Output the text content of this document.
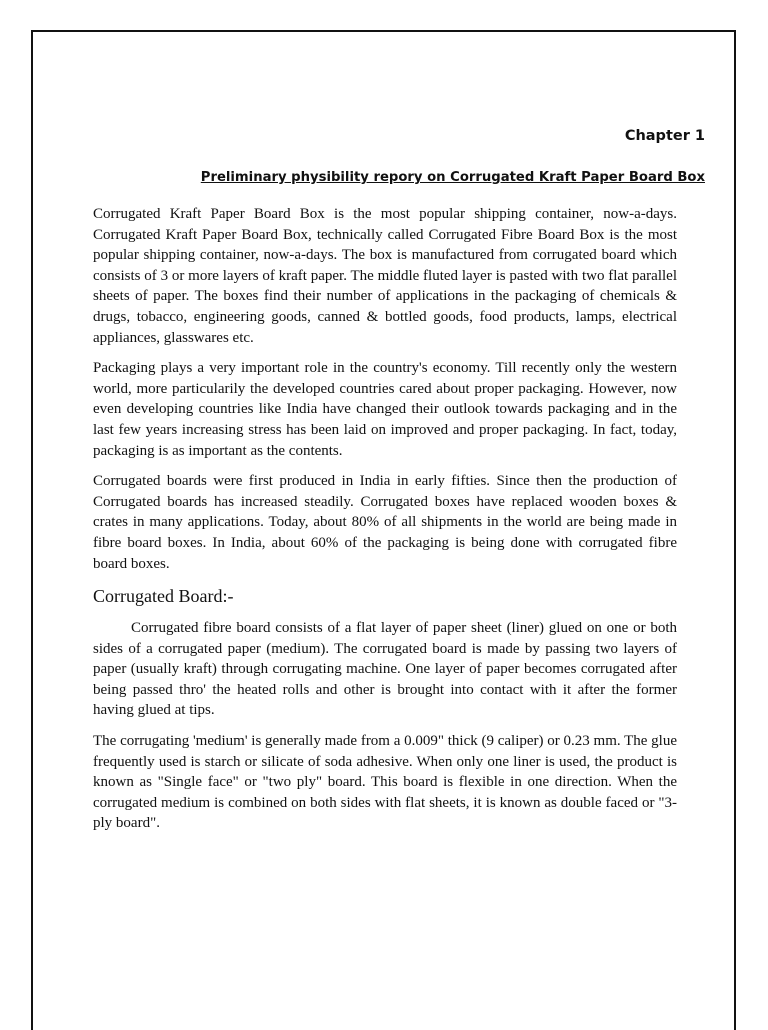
Chapter 1
Preliminary physibility repory on Corrugated Kraft Paper Board Box

Corrugated Kraft Paper Board Box is the most popular shipping container, now-a-days. Corrugated Kraft Paper Board Box, technically called Corrugated Fibre Board Box is the most popular shipping container, now-a-days. The box is manufactured from corrugated board which consists of 3 or more layers of kraft paper. The middle fluted layer is pasted with two flat parallel sheets of paper. The boxes find their number of applications in the packaging of chemicals & drugs, tobacco, engineering goods, canned & bottled goods, food products, lamps, electrical appliances, glasswares etc.

Packaging plays a very important role in the country's economy. Till recently only the western world, more particularily the developed countries cared about proper packaging. However, now even developing countries like India have changed their outlook towards packaging and in the last few years increasing stress has been laid on improved and proper packaging. In fact, today, packaging is as important as the contents.

Corrugated boards were first produced in India in early fifties. Since then the production of Corrugated boards has increased steadily. Corrugated boxes have replaced wooden boxes & crates in many applications. Today, about 80% of all shipments in the world are being made in fibre board boxes. In India, about 60% of the packaging is being done with corrugated fibre board boxes.

Corrugated Board:-

Corrugated fibre board consists of a flat layer of paper sheet (liner) glued on one or both sides of a corrugated paper (medium). The corrugated board is made by passing two layers of paper (usually kraft) through corrugating machine. One layer of paper becomes corrugated after being passed thro' the heated rolls and other is brought into contact with it after the former having glued at tips.

The corrugating 'medium' is generally made from a 0.009" thick (9 caliper) or 0.23 mm. The glue frequently used is starch or silicate of soda adhesive. When only one liner is used, the product is known as "Single face" or "two ply" board. This board is flexible in one direction. When the corrugated medium is combined on both sides with flat sheets, it is known as double faced or "3-ply board".
